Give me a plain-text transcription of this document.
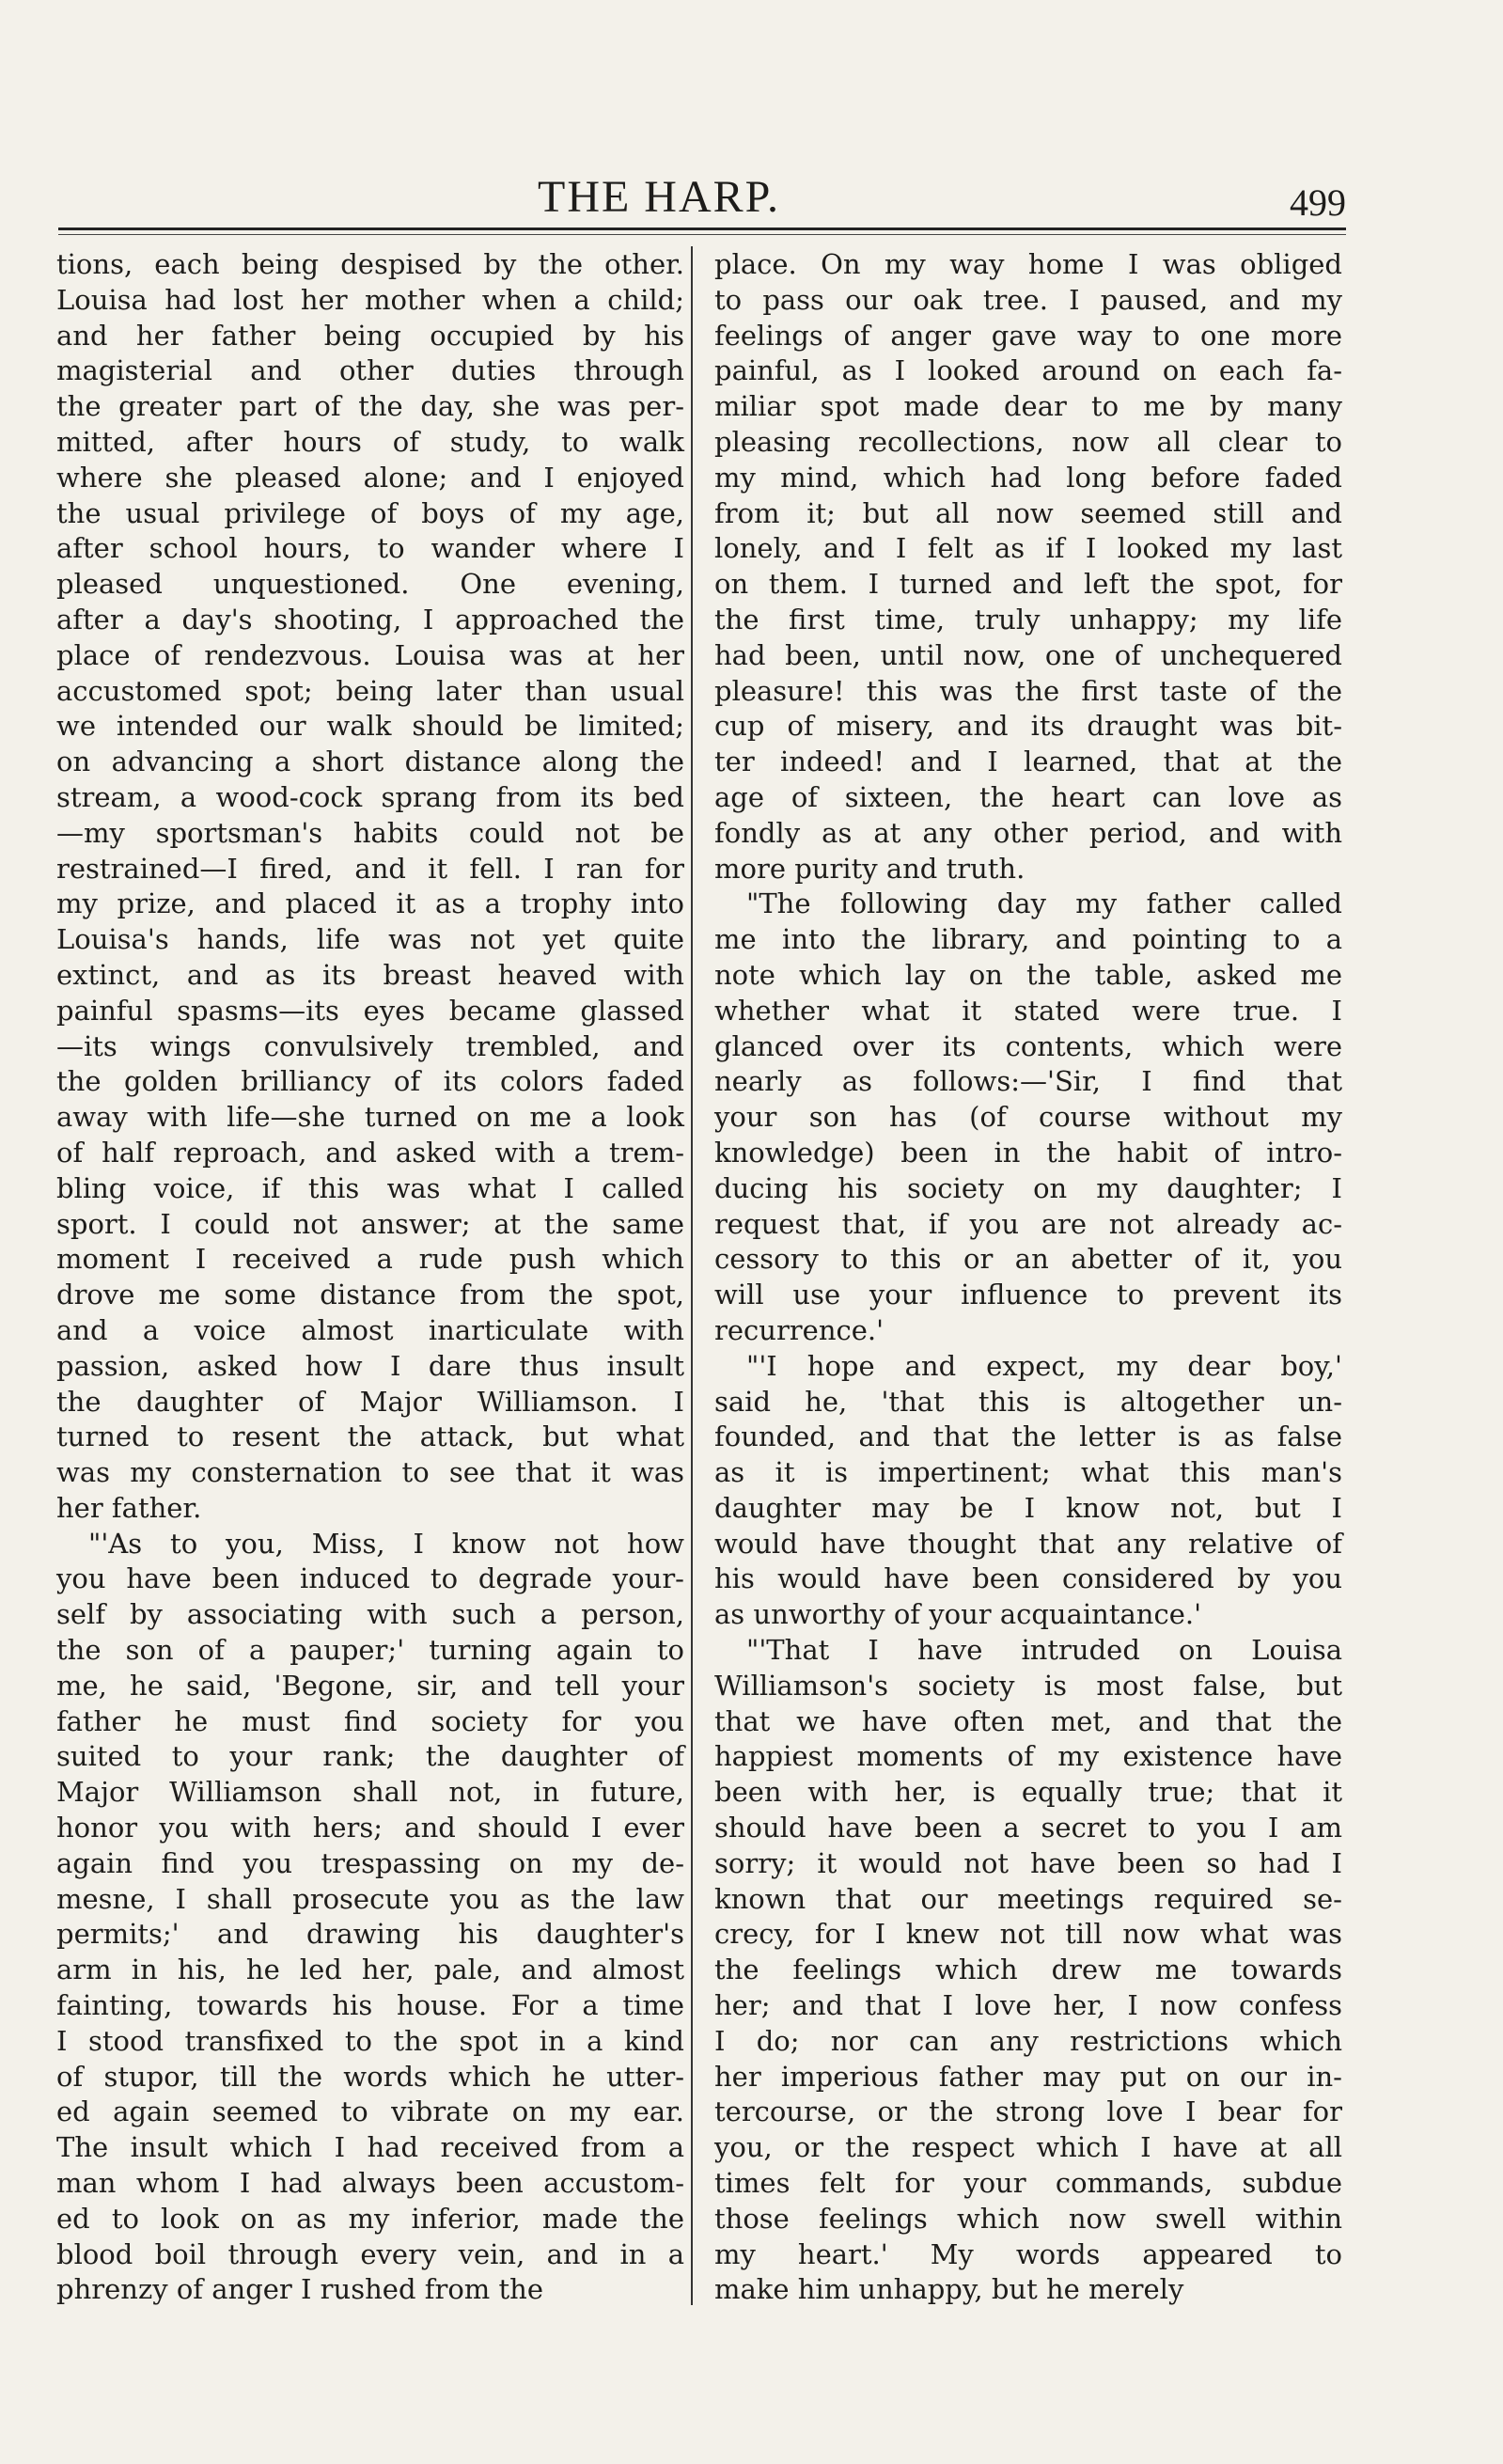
THE HARP.	499
tions, each being despised by the other.
Louisa had lost her mother when a child;
and her father being occupied by his
magisterial and other duties through
the greater part of the day, she was per-
mitted, after hours of study, to walk
where she pleased alone; and I enjoyed
the usual privilege of boys of my age,
after school hours, to wander where I
pleased unquestioned. One evening,
after a day's shooting, I approached the
place of rendezvous. Louisa was at her
accustomed spot; being later than usual
we intended our walk should be limited;
on advancing a short distance along the
stream, a wood-cock sprang from its bed
—my sportsman's habits could not be
restrained—I fired, and it fell. I ran for
my prize, and placed it as a trophy into
Louisa's hands, life was not yet quite
extinct, and as its breast heaved with
painful spasms—its eyes became glassed
—its wings convulsively trembled, and
the golden brilliancy of its colors faded
away with life—she turned on me a look
of half reproach, and asked with a trem-
bling voice, if this was what I called
sport. I could not answer; at the same
moment I received a rude push which
drove me some distance from the spot,
and a voice almost inarticulate with
passion, asked how I dare thus insult
the daughter of Major Williamson. I
turned to resent the attack, but what
was my consternation to see that it was
her father.
"'As to you, Miss, I know not how
you have been induced to degrade your-
self by associating with such a person,
the son of a pauper;' turning again to
me, he said, 'Begone, sir, and tell your
father he must find society for you
suited to your rank; the daughter of
Major Williamson shall not, in future,
honor you with hers; and should I ever
again find you trespassing on my de-
mesne, I shall prosecute you as the law
permits;' and drawing his daughter's
arm in his, he led her, pale, and almost
fainting, towards his house. For a time
I stood transfixed to the spot in a kind
of stupor, till the words which he utter-
ed again seemed to vibrate on my ear.
The insult which I had received from a
man whom I had always been accustom-
ed to look on as my inferior, made the
blood boil through every vein, and in a
phrenzy of anger I rushed from the
place. On my way home I was obliged
to pass our oak tree. I paused, and my
feelings of anger gave way to one more
painful, as I looked around on each fa-
miliar spot made dear to me by many
pleasing recollections, now all clear to
my mind, which had long before faded
from it; but all now seemed still and
lonely, and I felt as if I looked my last
on them. I turned and left the spot, for
the first time, truly unhappy; my life
had been, until now, one of unchequered
pleasure! this was the first taste of the
cup of misery, and its draught was bit-
ter indeed! and I learned, that at the
age of sixteen, the heart can love as
fondly as at any other period, and with
more purity and truth.
"The following day my father called
me into the library, and pointing to a
note which lay on the table, asked me
whether what it stated were true. I
glanced over its contents, which were
nearly as follows:—'Sir, I find that
your son has (of course without my
knowledge) been in the habit of intro-
ducing his society on my daughter; I
request that, if you are not already ac-
cessory to this or an abetter of it, you
will use your influence to prevent its
recurrence.'
"'I hope and expect, my dear boy,'
said he, 'that this is altogether un-
founded, and that the letter is as false
as it is impertinent; what this man's
daughter may be I know not, but I
would have thought that any relative of
his would have been considered by you
as unworthy of your acquaintance.'
"'That I have intruded on Louisa
Williamson's society is most false, but
that we have often met, and that the
happiest moments of my existence have
been with her, is equally true; that it
should have been a secret to you I am
sorry; it would not have been so had I
known that our meetings required se-
crecy, for I knew not till now what was
the feelings which drew me towards
her; and that I love her, I now confess
I do; nor can any restrictions which
her imperious father may put on our in-
tercourse, or the strong love I bear for
you, or the respect which I have at all
times felt for your commands, subdue
those feelings which now swell within
my heart.' My words appeared to
make him unhappy, but he merely
